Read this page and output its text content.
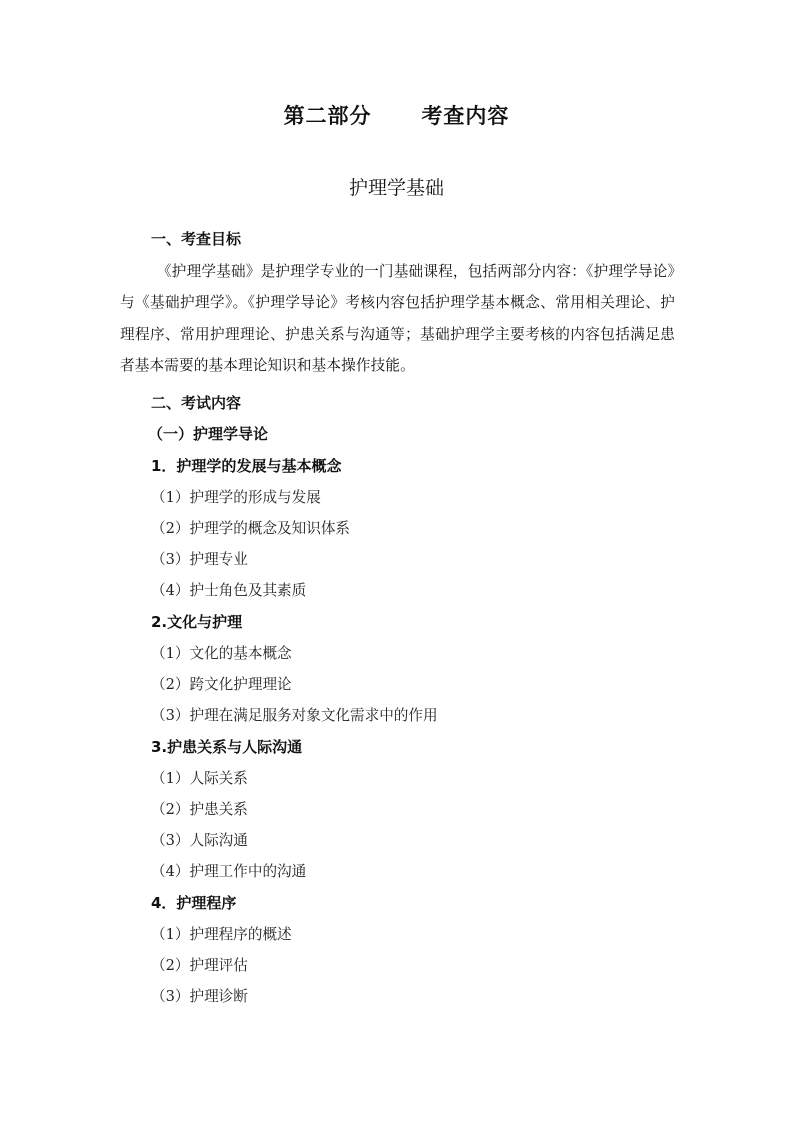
第二部分 考查内容
护理学基础
一、考查目标
《护理学基础》是护理学专业的一门基础课程，包括两部分内容：《护理学导论》与《基础护理学》。《护理学导论》考核内容包括护理学基本概念、常用相关理论、护理程序、常用护理理论、护患关系与沟通等；基础护理学主要考核的内容包括满足患者基本需要的基本理论知识和基本操作技能。
二、考试内容
（一）护理学导论
1．护理学的发展与基本概念
（1）护理学的形成与发展
（2）护理学的概念及知识体系
（3）护理专业
（4）护士角色及其素质
2.文化与护理
（1）文化的基本概念
（2）跨文化护理理论
（3）护理在满足服务对象文化需求中的作用
3.护患关系与人际沟通
（1）人际关系
（2）护患关系
（3）人际沟通
（4）护理工作中的沟通
4．护理程序
（1）护理程序的概述
（2）护理评估
（3）护理诊断
